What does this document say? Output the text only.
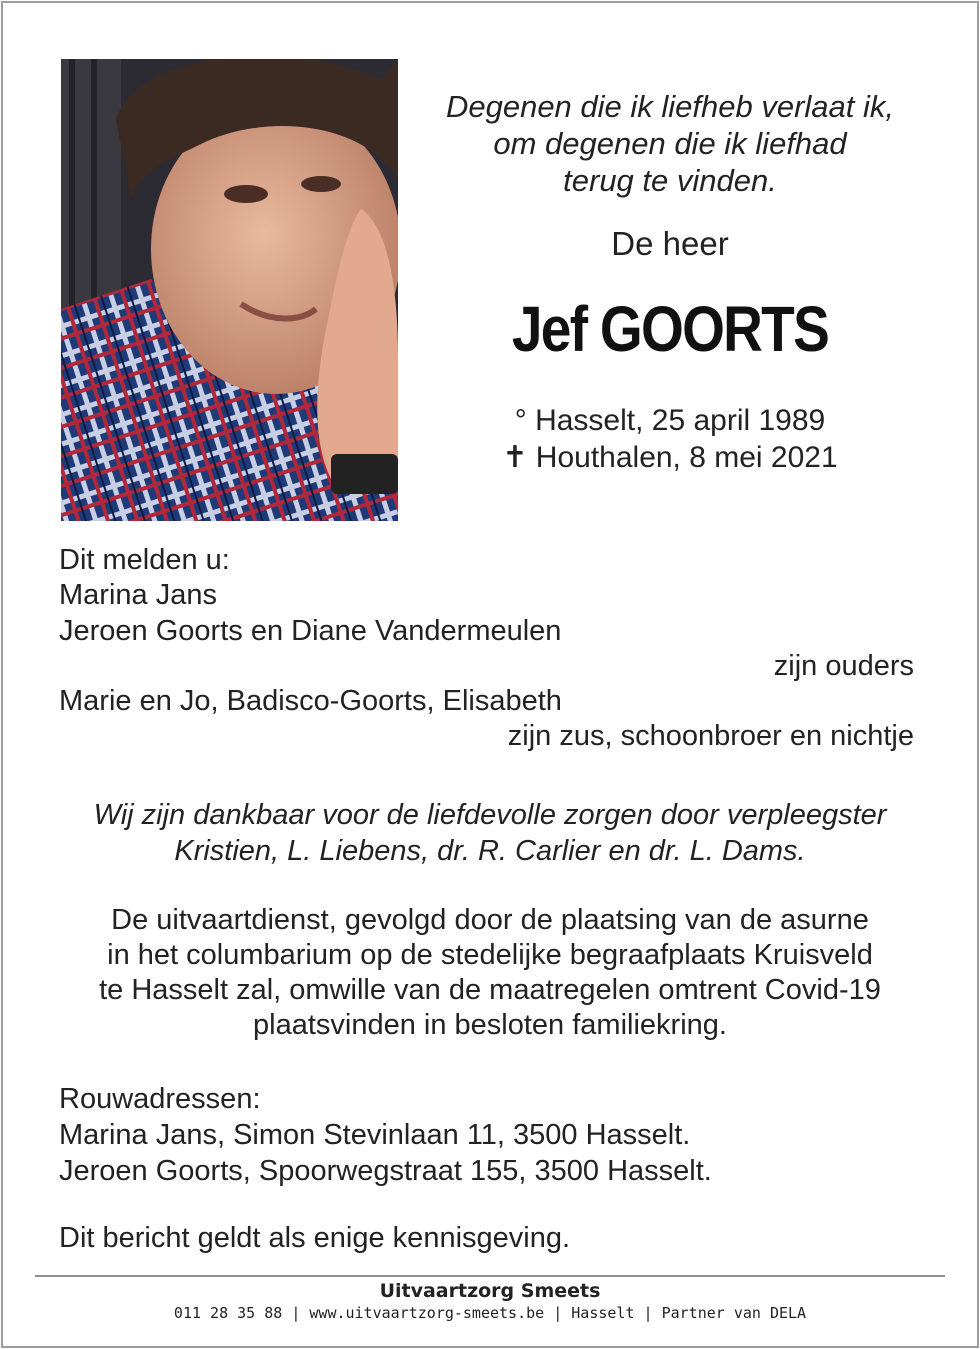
Degenen die ik liefheb verlaat ik,
om degenen die ik liefhad
terug te vinden.
De heer
Jef GOORTS
° Hasselt, 25 april 1989
✝ Houthalen, 8 mei 2021
Dit melden u:
Marina Jans
Jeroen Goorts en Diane Vandermeulen
zijn ouders
Marie en Jo, Badisco-Goorts, Elisabeth
zijn zus, schoonbroer en nichtje
Wij zijn dankbaar voor de liefdevolle zorgen door verpleegster
Kristien, L. Liebens, dr. R. Carlier en dr. L. Dams.
De uitvaartdienst, gevolgd door de plaatsing van de asurne
in het columbarium op de stedelijke begraafplaats Kruisveld
te Hasselt zal, omwille van de maatregelen omtrent Covid-19
plaatsvinden in besloten familiekring.
Rouwadressen:
Marina Jans, Simon Stevinlaan 11, 3500 Hasselt.
Jeroen Goorts, Spoorwegstraat 155, 3500 Hasselt.
Dit bericht geldt als enige kennisgeving.
Uitvaartzorg Smeets
011 28 35 88 | www.uitvaartzorg-smeets.be | Hasselt | Partner van DELA
